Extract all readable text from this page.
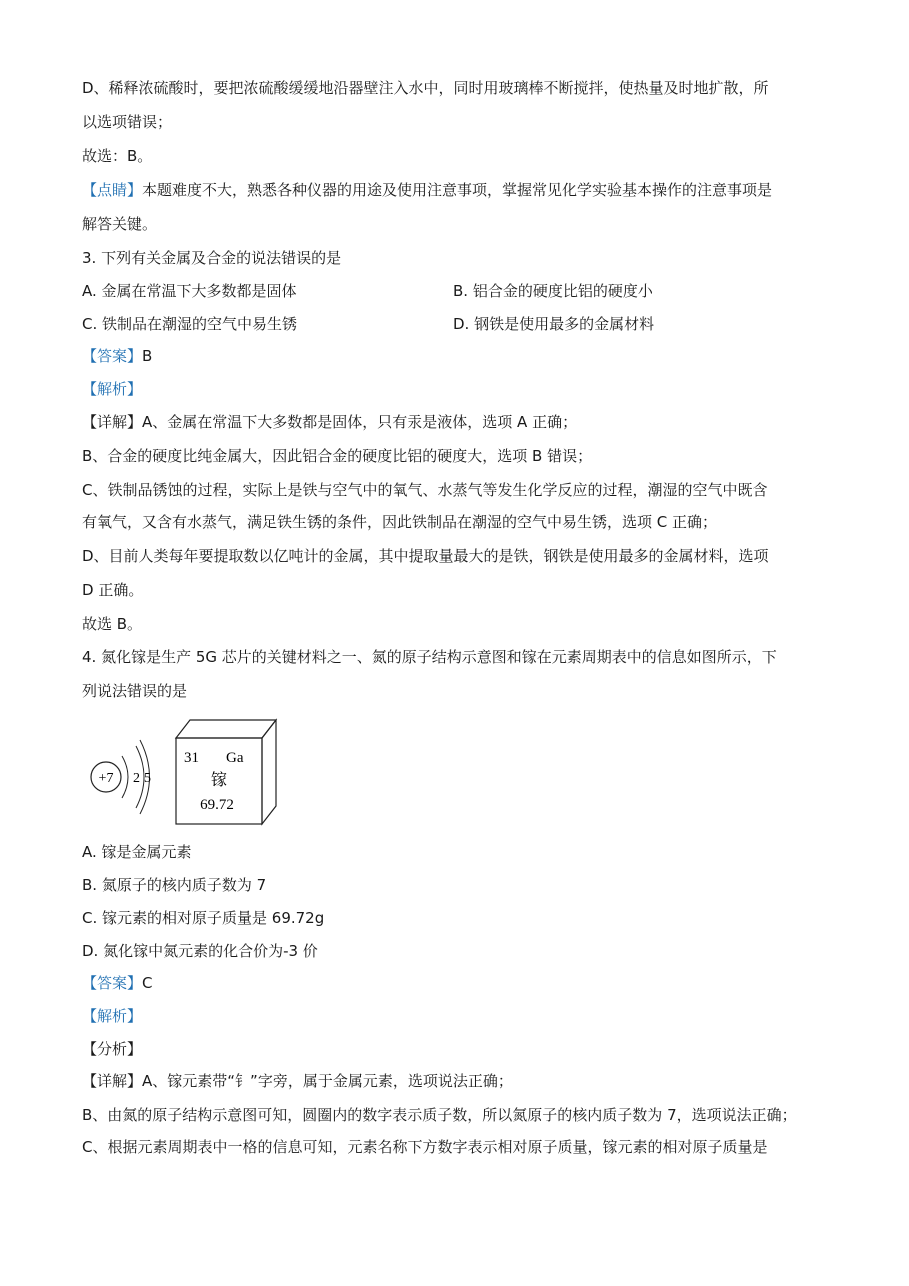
D、稀释浓硫酸时，要把浓硫酸缓缓地沿器壁注入水中，同时用玻璃棒不断搅拌，使热量及时地扩散，所
以选项错误；
故选：B。
【点睛】本题难度不大，熟悉各种仪器的用途及使用注意事项，掌握常见化学实验基本操作的注意事项是
解答关键。
3. 下列有关金属及合金的说法错误的是
A. 金属在常温下大多数都是固体	B. 铝合金的硬度比铝的硬度小
C. 铁制品在潮湿的空气中易生锈	D. 钢铁是使用最多的金属材料
【答案】B
【解析】
【详解】A、金属在常温下大多数都是固体，只有汞是液体，选项 A 正确；
B、合金的硬度比纯金属大，因此铝合金的硬度比铝的硬度大，选项 B 错误；
C、铁制品锈蚀的过程，实际上是铁与空气中的氧气、水蒸气等发生化学反应的过程，潮湿的空气中既含
有氧气，又含有水蒸气，满足铁生锈的条件，因此铁制品在潮湿的空气中易生锈，选项 C 正确；
D、目前人类每年要提取数以亿吨计的金属，其中提取量最大的是铁，钢铁是使用最多的金属材料，选项
D 正确。
故选 B。
4. 氮化镓是生产 5G 芯片的关键材料之一、氮的原子结构示意图和镓在元素周期表中的信息如图所示，下
列说法错误的是
+7 2 5
31 Ga
镓
69.72
A. 镓是金属元素
B. 氮原子的核内质子数为 7
C. 镓元素的相对原子质量是 69.72g
D. 氮化镓中氮元素的化合价为-3 价
【答案】C
【解析】
【分析】
【详解】A、镓元素带“钅”字旁，属于金属元素，选项说法正确；
B、由氮的原子结构示意图可知，圆圈内的数字表示质子数，所以氮原子的核内质子数为 7，选项说法正确；
C、根据元素周期表中一格的信息可知，元素名称下方数字表示相对原子质量，镓元素的相对原子质量是
